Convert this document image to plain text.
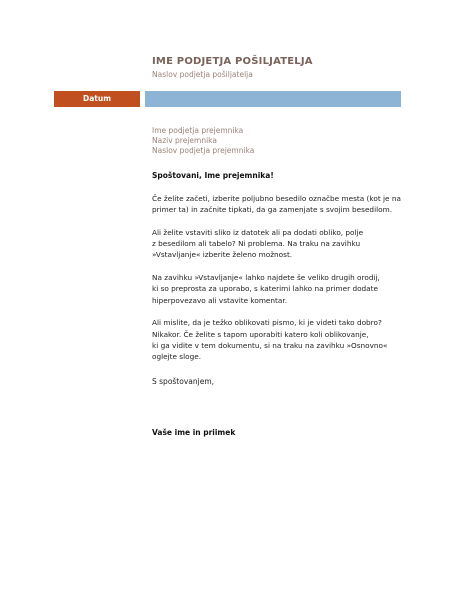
IME PODJETJA POŠILJATELJA
Naslov podjetja pošiljatelja
Datum
Ime podjetja prejemnika
Naziv prejemnika
Naslov podjetja prejemnika
Spoštovani, Ime prejemnika!

Če želite začeti, izberite poljubno besedilo označbe mesta (kot je na
primer ta) in začnite tipkati, da ga zamenjate s svojim besedilom.

Ali želite vstaviti sliko iz datotek ali pa dodati obliko, polje
z besedilom ali tabelo? Ni problema. Na traku na zavihku
»Vstavljanje« izberite želeno možnost.

Na zavihku »Vstavljanje« lahko najdete še veliko drugih orodij,
ki so preprosta za uporabo, s katerimi lahko na primer dodate
hiperpovezavo ali vstavite komentar.

Ali mislite, da je težko oblikovati pismo, ki je videti tako dobro?
Nikakor. Če želite s tapom uporabiti katero koli oblikovanje,
ki ga vidite v tem dokumentu, si na traku na zavihku »Osnovno«
oglejte sloge.

S spoštovanjem,
Vaše ime in priimek
